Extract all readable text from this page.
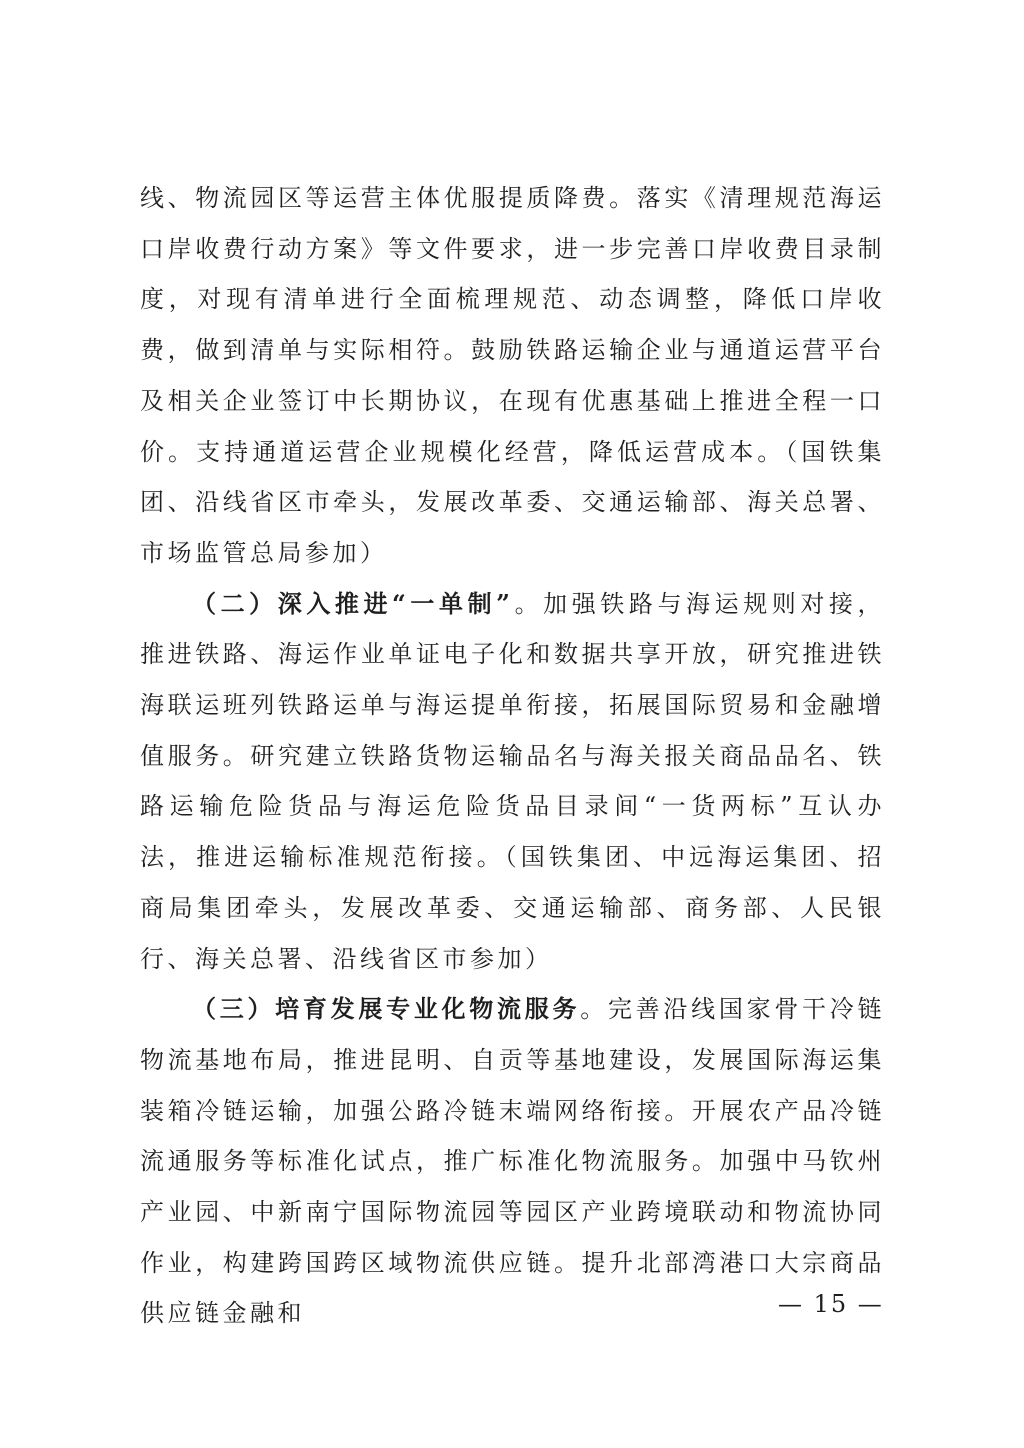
线、物流园区等运营主体优服提质降费。落实《清理规范海运口岸收费行动方案》等文件要求，进一步完善口岸收费目录制度，对现有清单进行全面梳理规范、动态调整，降低口岸收费，做到清单与实际相符。鼓励铁路运输企业与通道运营平台及相关企业签订中长期协议，在现有优惠基础上推进全程一口价。支持通道运营企业规模化经营，降低运营成本。（国铁集团、沿线省区市牵头，发展改革委、交通运输部、海关总署、市场监管总局参加）

（二）深入推进“一单制”。加强铁路与海运规则对接，推进铁路、海运作业单证电子化和数据共享开放，研究推进铁海联运班列铁路运单与海运提单衔接，拓展国际贸易和金融增值服务。研究建立铁路货物运输品名与海关报关商品品名、铁路运输危险货品与海运危险货品目录间“一货两标”互认办法，推进运输标准规范衔接。（国铁集团、中远海运集团、招商局集团牵头，发展改革委、交通运输部、商务部、人民银行、海关总署、沿线省区市参加）

（三）培育发展专业化物流服务。完善沿线国家骨干冷链物流基地布局，推进昆明、自贡等基地建设，发展国际海运集装箱冷链运输，加强公路冷链末端网络衔接。开展农产品冷链流通服务等标准化试点，推广标准化物流服务。加强中马钦州产业园、中新南宁国际物流园等园区产业跨境联动和物流协同作业，构建跨国跨区域物流供应链。提升北部湾港口大宗商品供应链金融和	— 15 —
